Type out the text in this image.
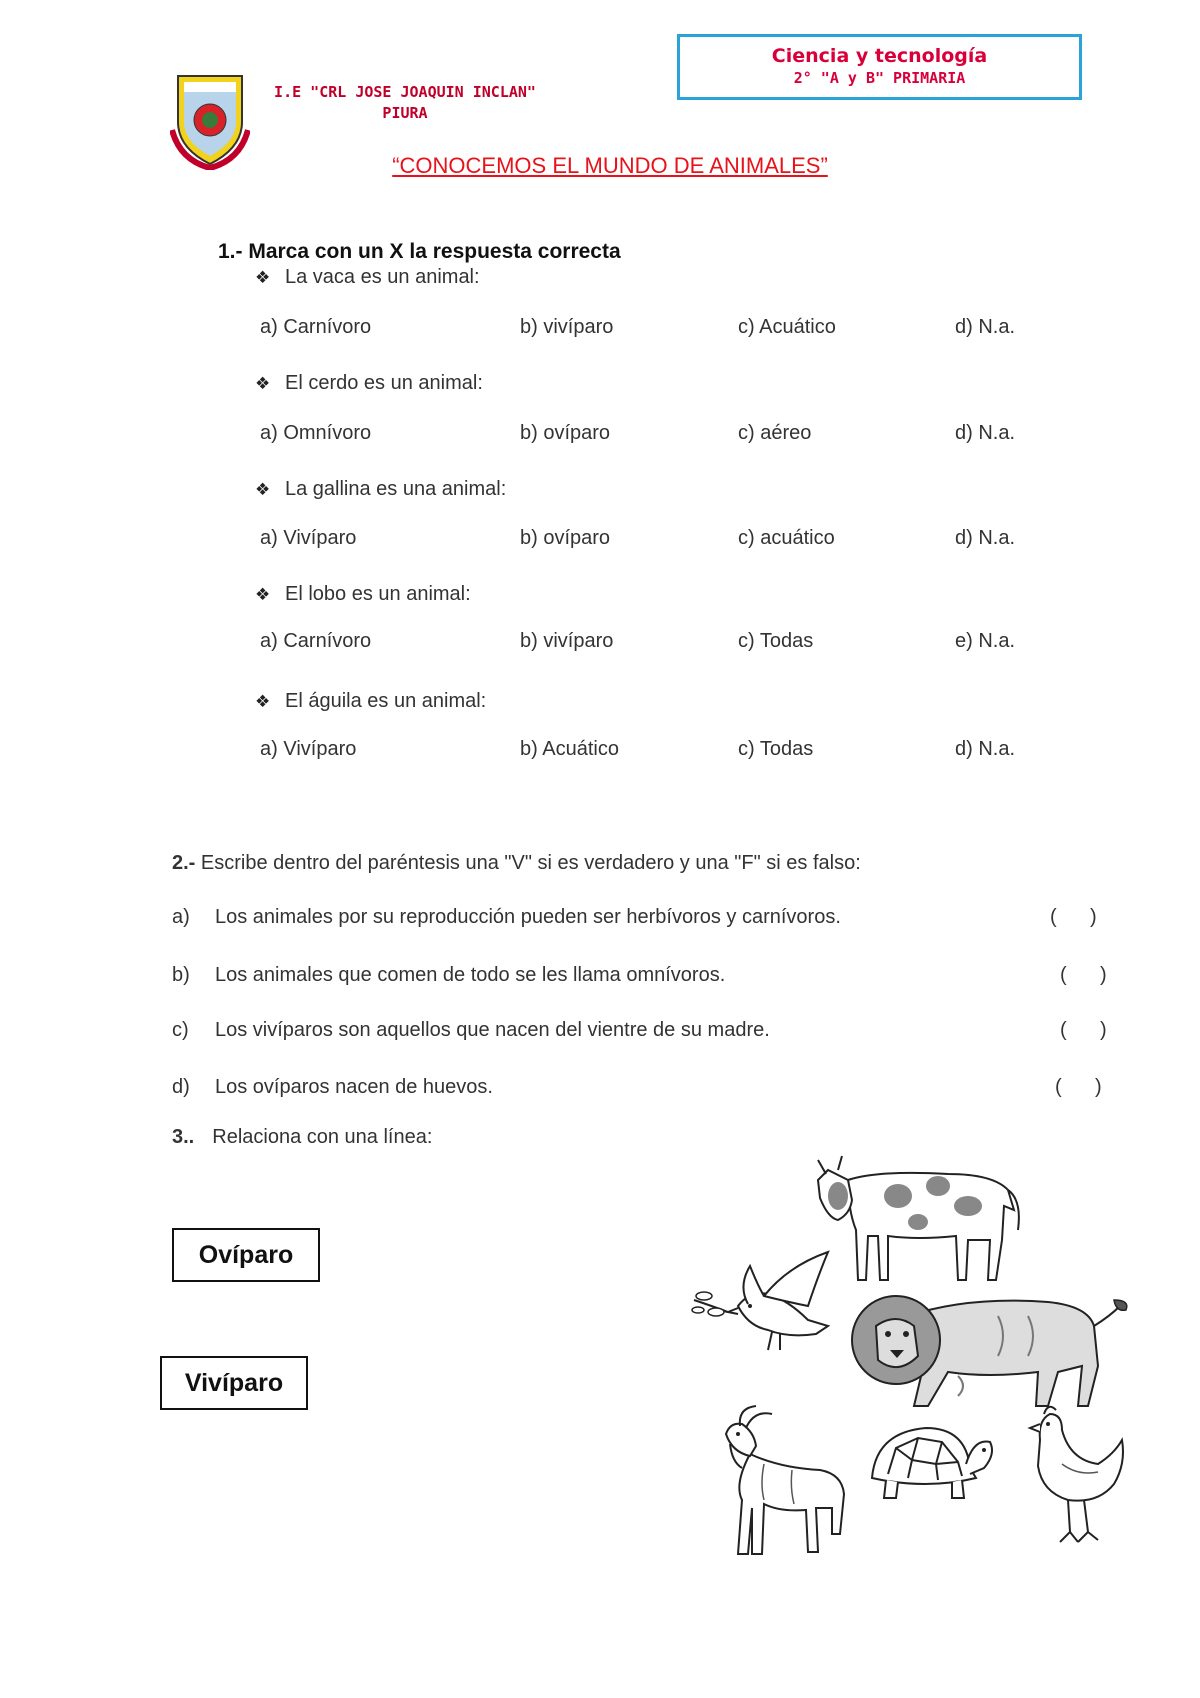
I.E "CRL JOSE JOAQUIN INCLAN"
PIURA
Ciencia y tecnología
2° "A y B" PRIMARIA
“CONOCEMOS EL MUNDO DE ANIMALES”
1.- Marca con un X la respuesta correcta
❖ La vaca es un animal:
a) Carnívoro	b) vivíparo	c) Acuático	d) N.a.
❖ El cerdo es un animal:
a) Omnívoro	b) ovíparo	c) aéreo	d) N.a.
❖ La gallina es una animal:
a) Vivíparo	b) ovíparo	c) acuático	d) N.a.
❖ El lobo es un animal:
a) Carnívoro	b) vivíparo	c) Todas	e) N.a.
❖ El águila es un animal:
a) Vivíparo	b) Acuático	c) Todas	d) N.a.
2.- Escribe dentro del paréntesis una "V" si es verdadero y una "F" si es falso:
a) Los animales por su reproducción pueden ser herbívoros y carnívoros.	(      )
b) Los animales que comen de todo se les llama omnívoros.	(      )
c) Los vivíparos son aquellos que nacen del vientre de su madre.	(      )
d) Los ovíparos nacen de huevos.	(      )
3.. Relaciona con una línea:
Ovíparo
Vivíparo
